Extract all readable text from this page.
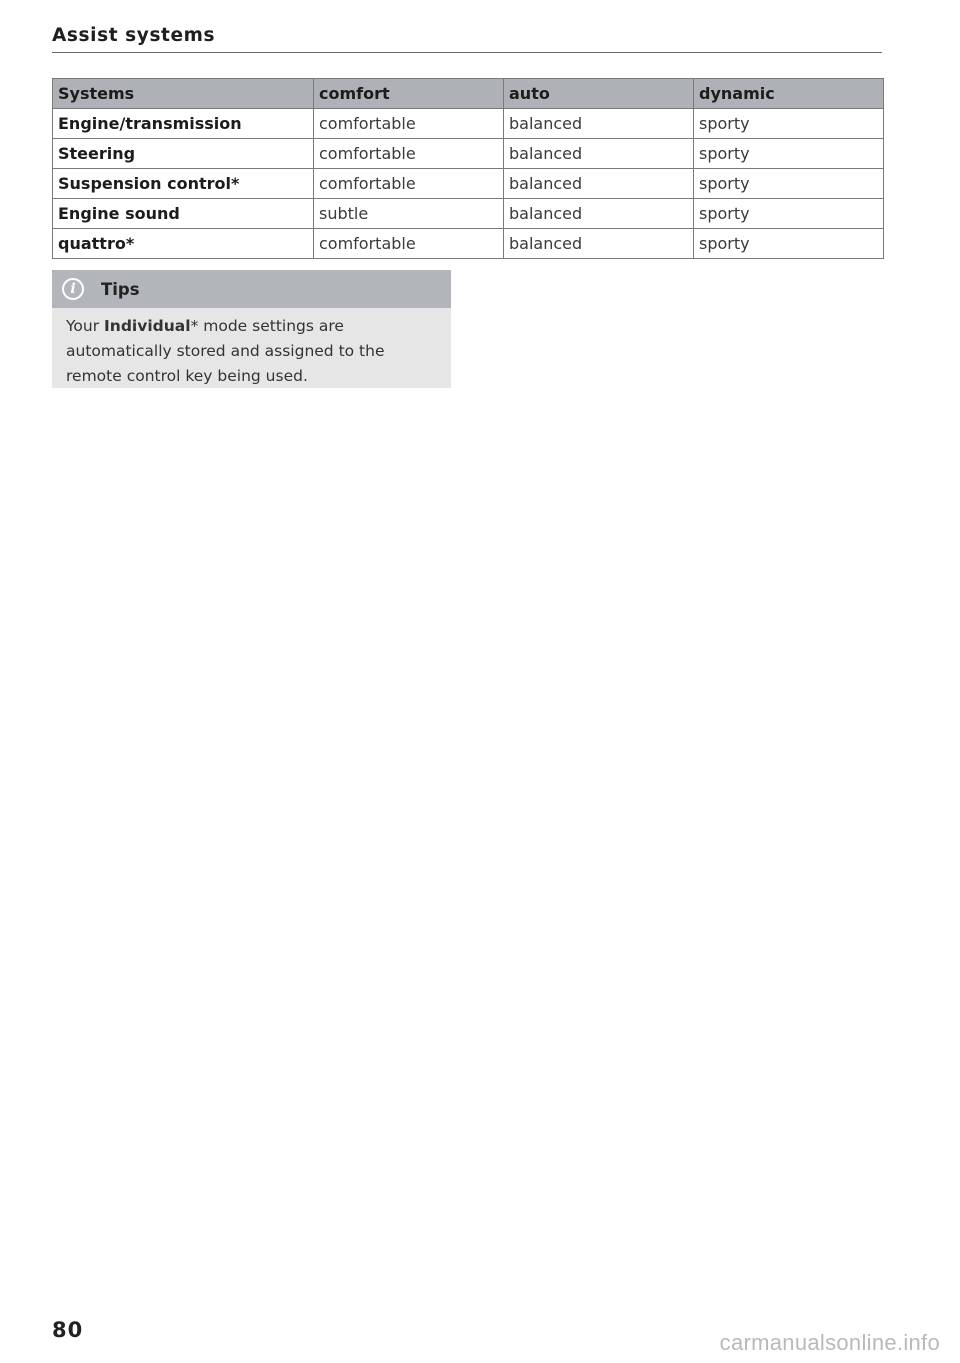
Assist systems
Systems	comfort	auto	dynamic
Engine/transmission	comfortable	balanced	sporty
Steering	comfortable	balanced	sporty
Suspension control*	comfortable	balanced	sporty
Engine sound	subtle	balanced	sporty
quattro*	comfortable	balanced	sporty
i Tips

Your Individual* mode settings are automatically stored and assigned to the remote control key being used.

80	carmanualsonline.info
